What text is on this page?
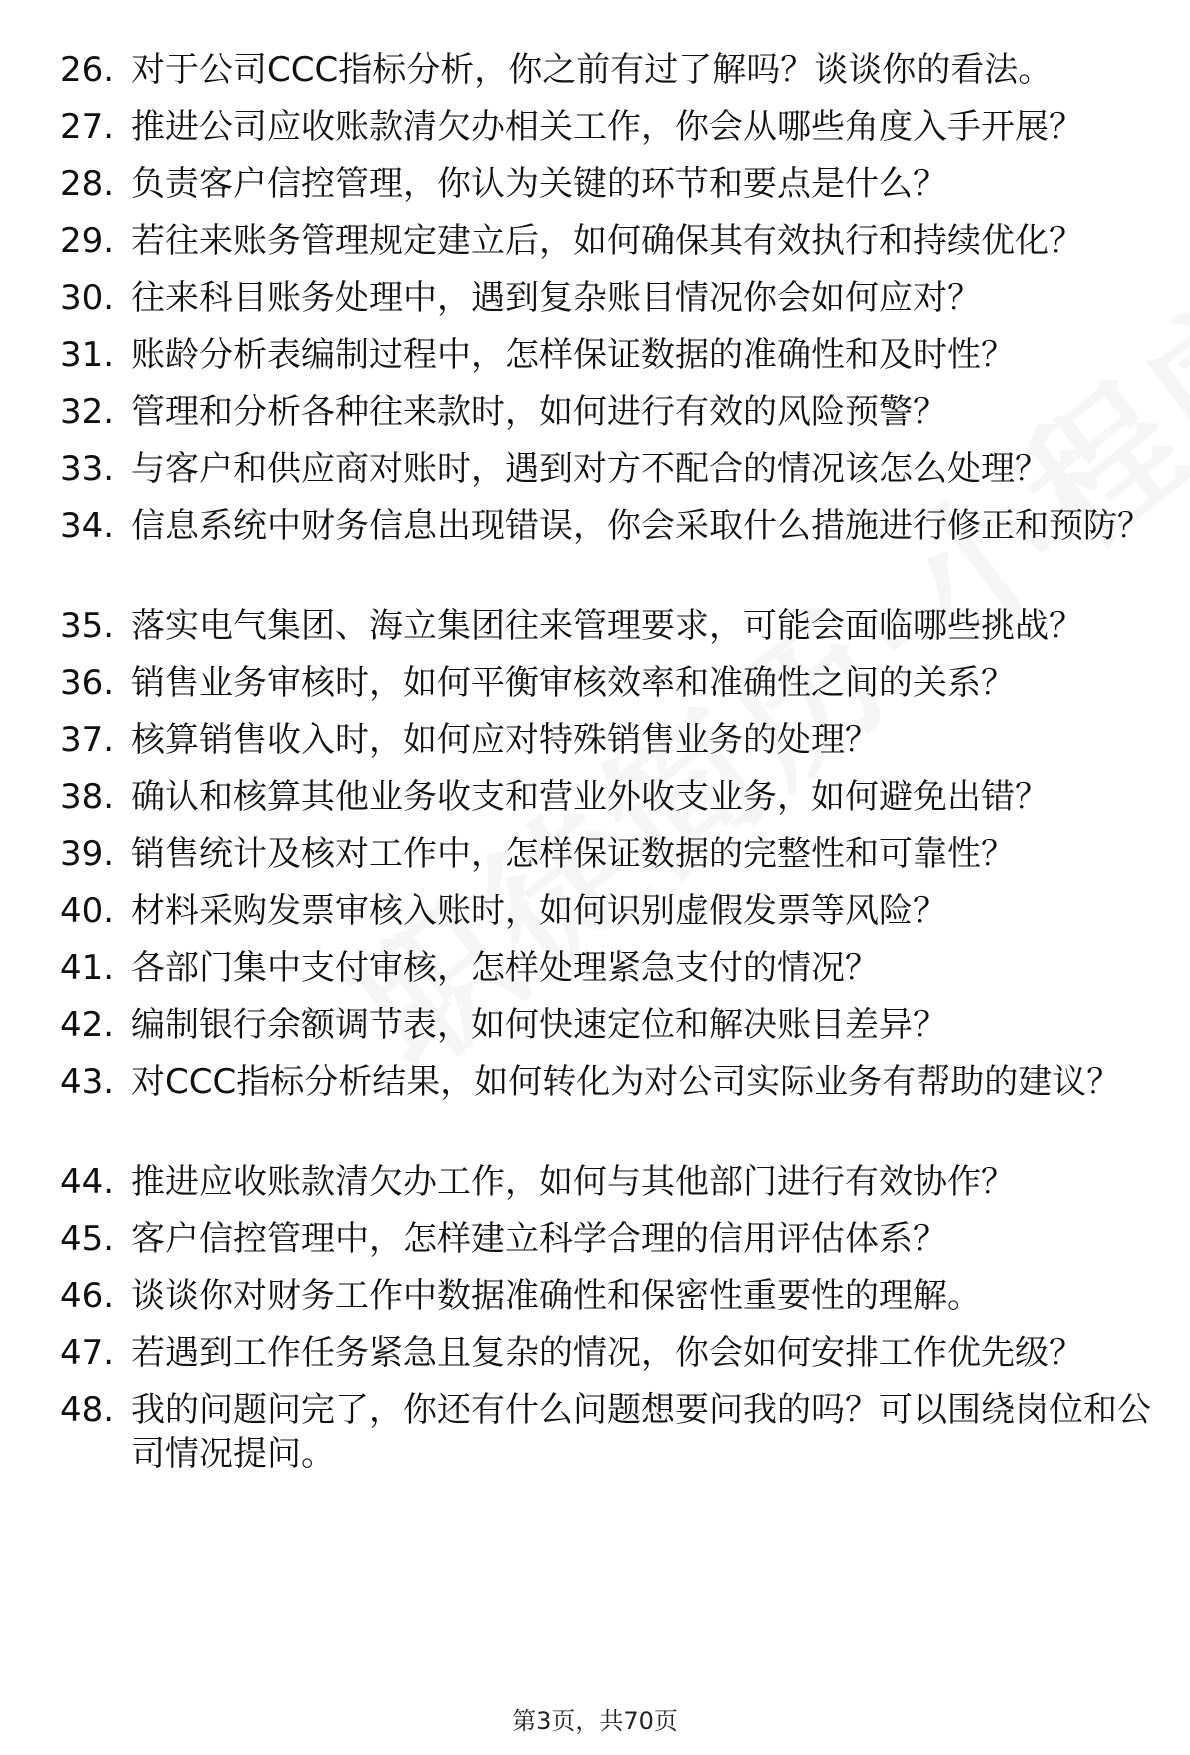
26. 对于公司CCC指标分析，你之前有过了解吗？谈谈你的看法。
27. 推进公司应收账款清欠办相关工作，你会从哪些角度入手开展？
28. 负责客户信控管理，你认为关键的环节和要点是什么？
29. 若往来账务管理规定建立后，如何确保其有效执行和持续优化？
30. 往来科目账务处理中，遇到复杂账目情况你会如何应对？
31. 账龄分析表编制过程中，怎样保证数据的准确性和及时性？
32. 管理和分析各种往来款时，如何进行有效的风险预警？
33. 与客户和供应商对账时，遇到对方不配合的情况该怎么处理？
34. 信息系统中财务信息出现错误，你会采取什么措施进行修正和预防？
35. 落实电气集团、海立集团往来管理要求，可能会面临哪些挑战？
36. 销售业务审核时，如何平衡审核效率和准确性之间的关系？
37. 核算销售收入时，如何应对特殊销售业务的处理？
38. 确认和核算其他业务收支和营业外收支业务，如何避免出错？
39. 销售统计及核对工作中，怎样保证数据的完整性和可靠性？
40. 材料采购发票审核入账时，如何识别虚假发票等风险？
41. 各部门集中支付审核，怎样处理紧急支付的情况？
42. 编制银行余额调节表，如何快速定位和解决账目差异？
43. 对CCC指标分析结果，如何转化为对公司实际业务有帮助的建议？
44. 推进应收账款清欠办工作，如何与其他部门进行有效协作？
45. 客户信控管理中，怎样建立科学合理的信用评估体系？
46. 谈谈你对财务工作中数据准确性和保密性重要性的理解。
47. 若遇到工作任务紧急且复杂的情况，你会如何安排工作优先级？
48. 我的问题问完了，你还有什么问题想要问我的吗？可以围绕岗位和公司情况提问。
第3页，共70页
